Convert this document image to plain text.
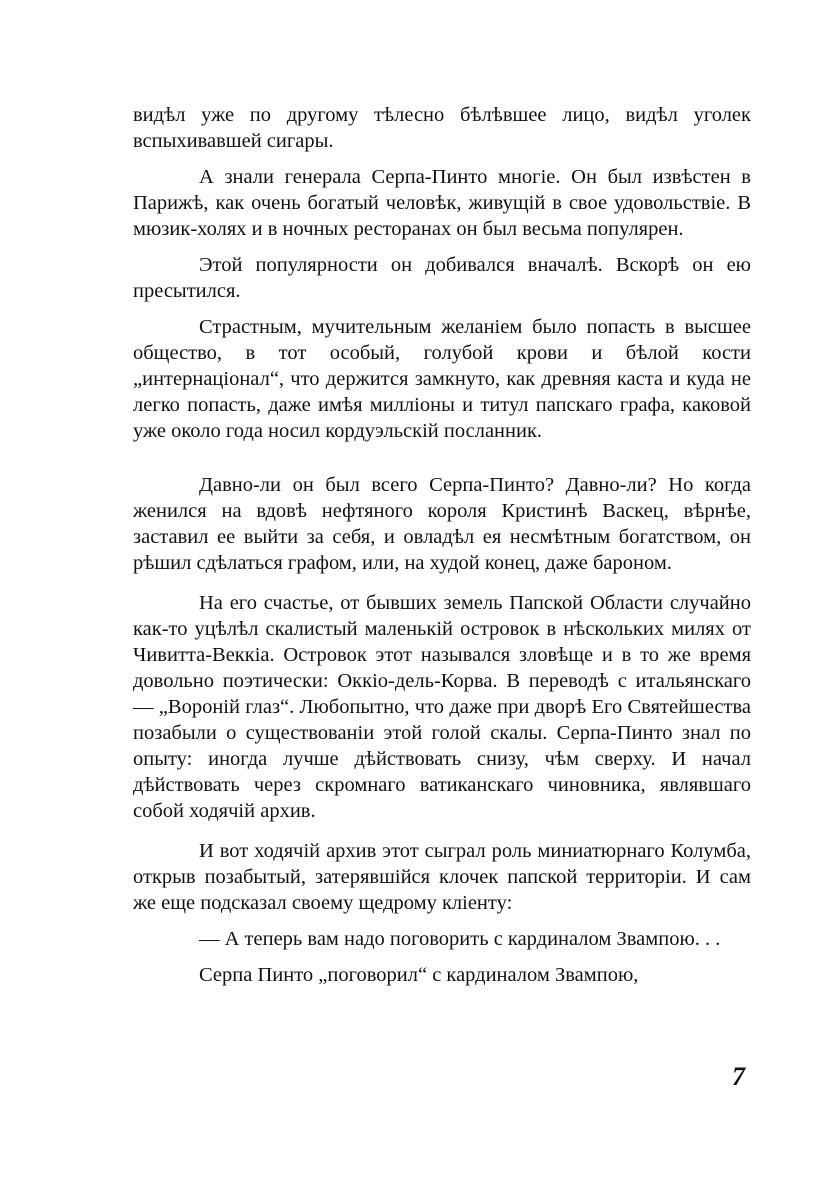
видѣл уже по другому тѣлесно бѣлѣвшее лицо, видѣл уголек вспыхивавшей сигары.

А знали генерала Серпа-Пинто многiе. Он был извѣстен в Парижѣ, как очень богатый человѣк, живущiй в свое удовольствiе. В мюзик-холях и в ночных ресторанах он был весьма популярен.

Этой популярности он добивался вначалѣ. Вскорѣ он ею пресытился.

Страстным, мучительным желанiем было попасть в высшее общество, в тот особый, голубой крови и бѣлой кости „интернацiонал“, что держится замкнуто, как древняя каста и куда не легко попасть, даже имѣя миллiоны и титул папскаго графа, каковой уже около года носил кордуэльскiй посланник.

Давно-ли он был всего Серпа-Пинто? Давно-ли? Но когда женился на вдовѣ нефтяного короля Кристинѣ Васкец, вѣрнѣе, заставил ее выйти за себя, и овладѣл ея несмѣтным богатством, он рѣшил сдѣлаться графом, или, на худой конец, даже бароном.

На его счастье, от бывших земель Папской Области случайно как-то уцѣлѣл скалистый маленькiй островок в нѣскольких милях от Чивитта-Веккiа. Островок этот назывался зловѣще и в то же время довольно поэтически: Оккiо-дель-Корва. В переводѣ с итальянскаго — „Воронiй глаз“. Любопытно, что даже при дворѣ Его Святейшества позабыли о существованiи этой голой скалы. Серпа-Пинто знал по опыту: иногда лучше дѣйствовать снизу, чѣм сверху. И начал дѣйствовать через скромнаго ватиканскаго чиновника, являвшаго собой ходячiй архив.

И вот ходячiй архив этот сыграл роль миниатюрнаго Колумба, открыв позабытый, затерявшiйся клочек папской территорiи. И сам же еще подсказал своему щедрому клiенту:

— А теперь вам надо поговорить с кардиналом Звампою. . .

Серпа Пинто „поговорил“ с кардиналом Звампою,

7
